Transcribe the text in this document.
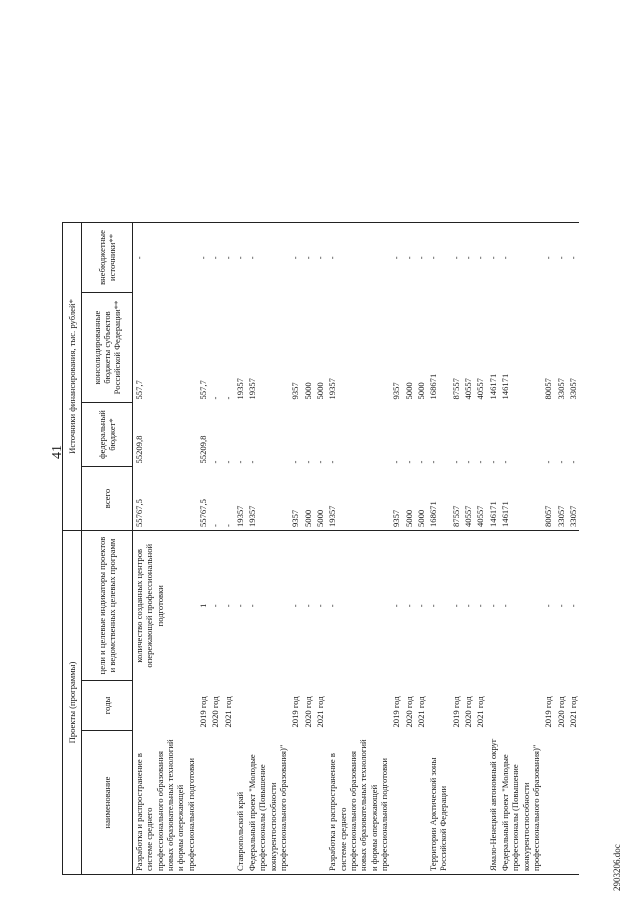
41
Проекты (программы)			Источники финансирования, тыс. рублей*			
наименование	годы	цели и целевые индикаторы проектов и ведомственных целевых программ	всего	федеральный бюджет*	консолидированные бюджеты субъектов Российской Федерации**	внебюджетные источники**
Разработка и распространение в системе среднего профессионального образования новых образовательных технологий и формы опережающей профессиональной подготовки		количество созданных центров опережающей профессиональной подготовки	55767,5	55209,8	557,7	-
	2019 год	1	55767,5	55209,8	557,7	-
	2020 год	-	-	-	-	-
	2021 год	-	-	-	-	-
Ставропольский край		-	19357	-	19357	-
Федеральный проект "Молодые профессионалы (Повышение конкурентоспособности профессионального образования)"		-	19357	-	19357	-
	2019 год	-	9357	-	9357	-
	2020 год	-	5000	-	5000	-
	2021 год	-	5000	-	5000	-
Разработка и распространение в системе среднего профессионального образования новых образовательных технологий и формы опережающей профессиональной подготовки		-	19357	-	19357	-
	2019 год	-	9357	-	9357	-
	2020 год	-	5000	-	5000	-
	2021 год	-	5000	-	5000	-
Территории Арктической зоны Российской Федерации		-	168671	-	168671	-
	2019 год	-	87557	-	87557	-
	2020 год	-	40557	-	40557	-
	2021 год	-	40557	-	40557	-
Ямало-Ненецкий автономный округ		-	146171	-	146171	-
Федеральный проект "Молодые профессионалы (Повышение конкурентоспособности профессионального образования)"		-	146171	-	146171	-
	2019 год	-	80057	-	80057	-
	2020 год	-	33057	-	33057	-
	2021 год	-	33057	-	33057	-
2903206.doc
